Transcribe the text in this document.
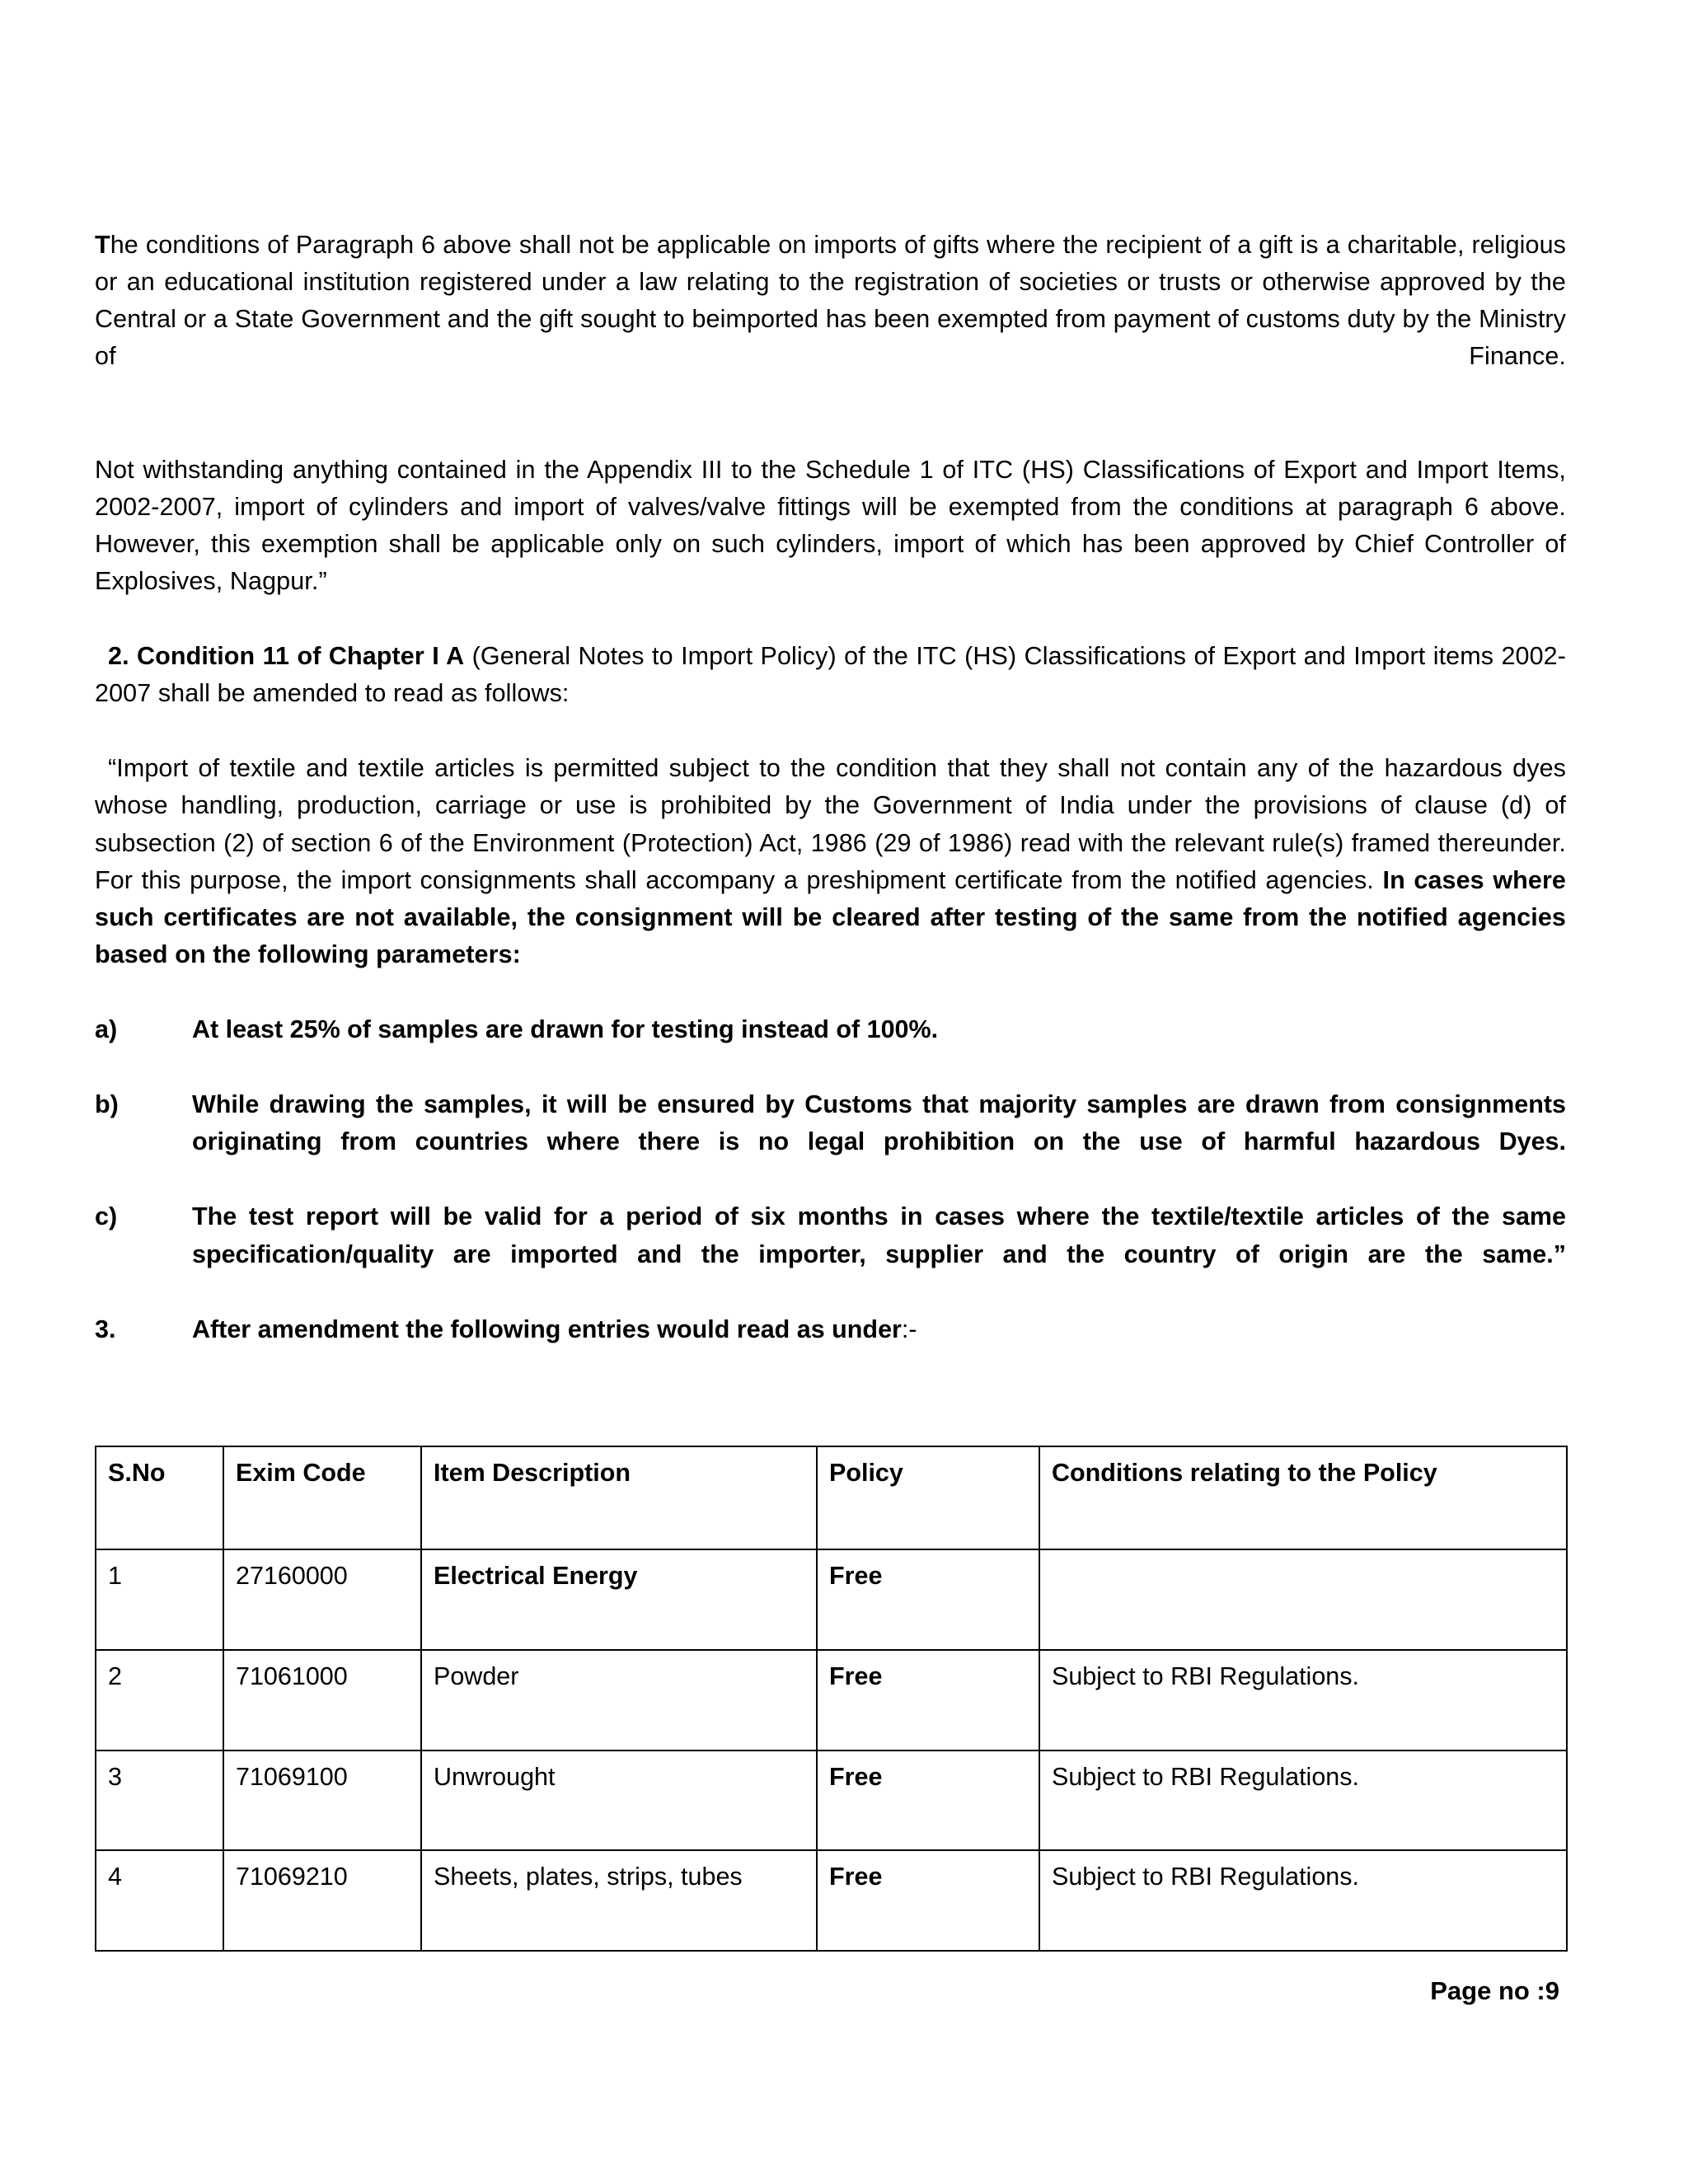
The conditions of Paragraph 6 above shall not be applicable on imports of gifts where the recipient of a gift is a charitable, religious or an educational institution registered under a law relating to the registration of societies or trusts or otherwise approved by the Central or a State Government and the gift sought to beimported has been exempted from payment of customs duty by the Ministry of Finance.

Not withstanding anything contained in the Appendix III to the Schedule 1 of ITC (HS) Classifications of Export and Import Items, 2002-2007, import of cylinders and import of valves/valve fittings will be exempted from the conditions at paragraph 6 above. However, this exemption shall be applicable only on such cylinders, import of which has been approved by Chief Controller of Explosives, Nagpur.”

2. Condition 11 of Chapter I A (General Notes to Import Policy) of the ITC (HS) Classifications of Export and Import items 2002-2007 shall be amended to read as follows:

“Import of textile and textile articles is permitted subject to the condition that they shall not contain any of the hazardous dyes whose handling, production, carriage or use is prohibited by the Government of India under the provisions of clause (d) of subsection (2) of section 6 of the Environment (Protection) Act, 1986 (29 of 1986) read with the relevant rule(s) framed thereunder. For this purpose, the import consignments shall accompany a preshipment certificate from the notified agencies. In cases where such certificates are not available, the consignment will be cleared after testing of the same from the notified agencies based on the following parameters:

a)	At least 25% of samples are drawn for testing instead of 100%.
b)	While drawing the samples, it will be ensured by Customs that majority samples are drawn from consignments originating from countries where there is no legal prohibition on the use of harmful hazardous Dyes.
c)	The test report will be valid for a period of six months in cases where the textile/textile articles of the same specification/quality are imported and the importer, supplier and the country of origin are the same.”
3.	After amendment the following entries would read as under:-
S.No	Exim Code	Item Description	Policy	Conditions relating to the Policy
1	27160000	Electrical Energy	Free	
2	71061000	Powder	Free	Subject to RBI Regulations.
3	71069100	Unwrought	Free	Subject to RBI Regulations.
4	71069210	Sheets, plates, strips, tubes	Free	Subject to RBI Regulations.
Page no :9
